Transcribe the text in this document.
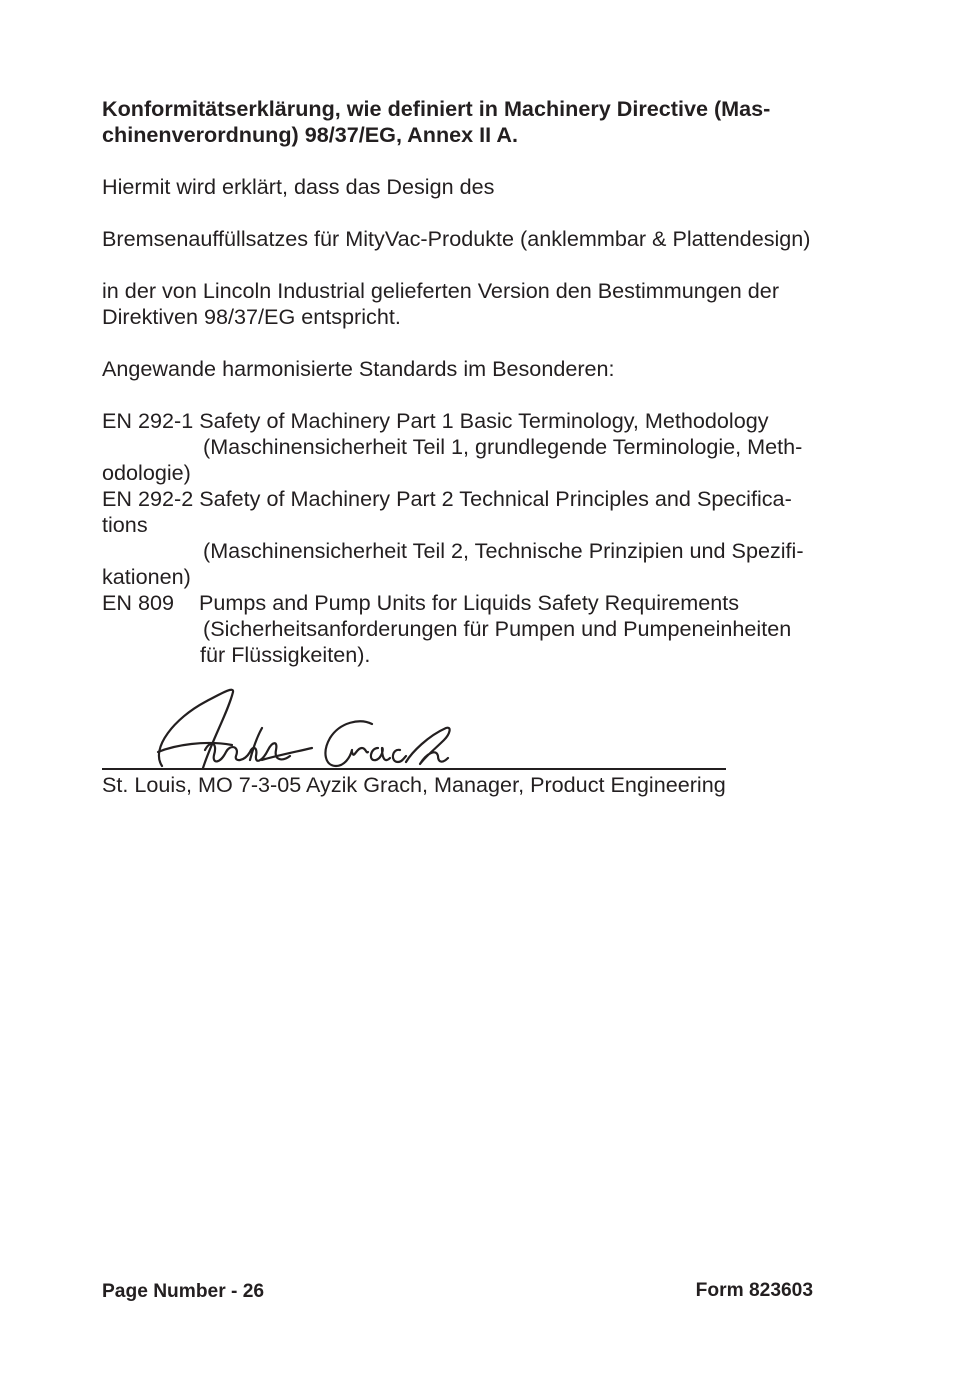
Konformitätserklärung, wie definiert in Machinery Directive (Mas-
chinenverordnung) 98/37/EG, Annex II A.
Hiermit wird erklärt, dass das Design des
Bremsenauffüllsatzes für MityVac-Produkte (anklemmbar & Plattendesign)
in der von Lincoln Industrial gelieferten Version den Bestimmungen der
Direktiven 98/37/EG entspricht.
Angewande harmonisierte Standards im Besonderen:
EN 292-1 Safety of Machinery Part 1 Basic Terminology, Methodology
(Maschinensicherheit Teil 1, grundlegende Terminologie, Meth-
odologie)
EN 292-2 Safety of Machinery Part 2 Technical Principles and Specifica-
tions
(Maschinensicherheit Teil 2, Technische Prinzipien und Spezifi-
kationen)
EN 809 Pumps and Pump Units for Liquids Safety Requirements
(Sicherheitsanforderungen für Pumpen und Pumpeneinheiten
für Flüssigkeiten).
St. Louis, MO 7-3-05 Ayzik Grach, Manager, Product Engineering
Page Number - 26	Form 823603
